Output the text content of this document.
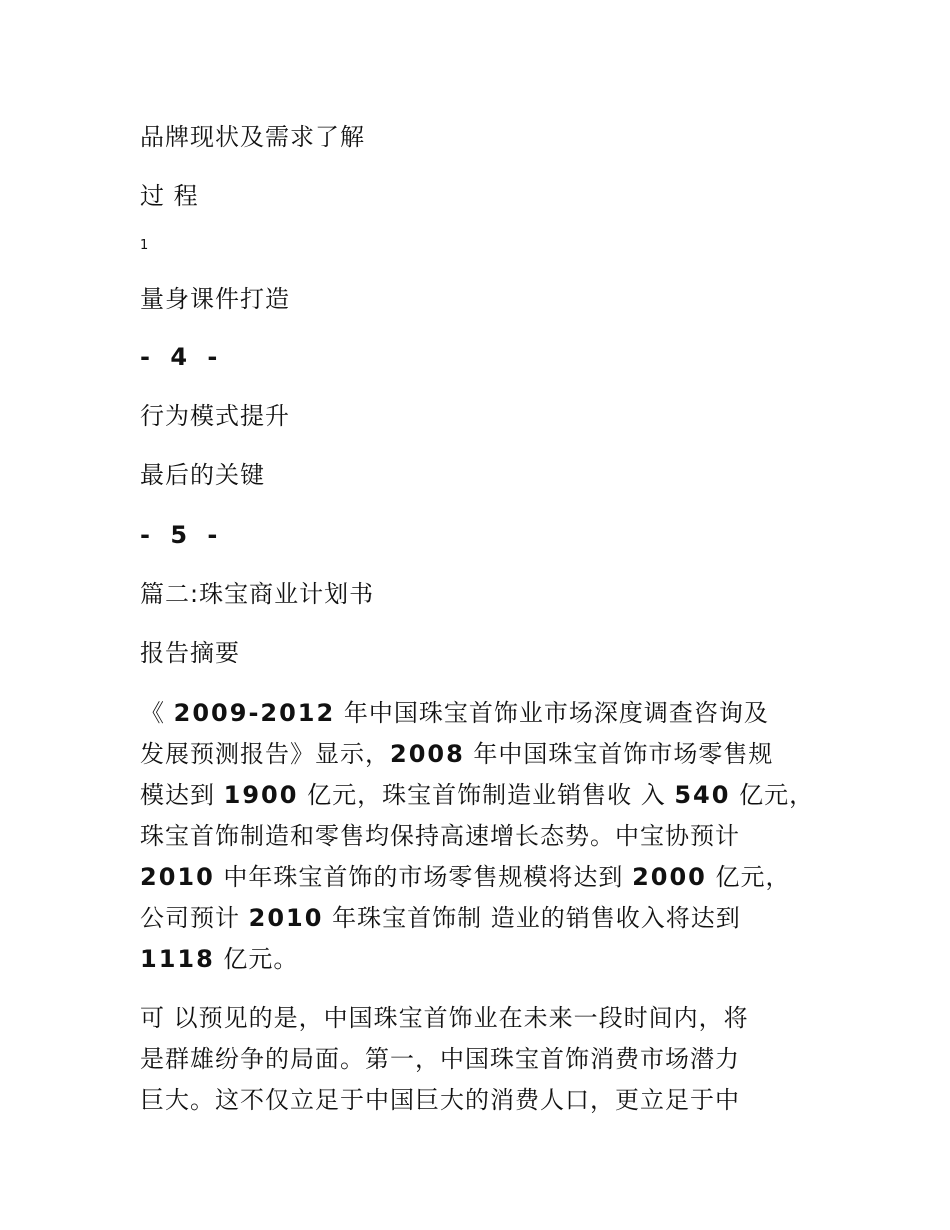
品牌现状及需求了解
过 程
1
量身课件打造
- 4 -
行为模式提升
最后的关键
- 5 -
篇二:珠宝商业计划书
报告摘要
《 2009-2012 年中国珠宝首饰业市场深度调查咨询及
发展预测报告》显示，2008 年中国珠宝首饰市场零售规
模达到 1900 亿元，珠宝首饰制造业销售收 入 540 亿元，
珠宝首饰制造和零售均保持高速增长态势。中宝协预计
2010 中年珠宝首饰的市场零售规模将达到 2000 亿元，
公司预计 2010 年珠宝首饰制 造业的销售收入将达到
1118 亿元。
可 以预见的是，中国珠宝首饰业在未来一段时间内，将
是群雄纷争的局面。第一，中国珠宝首饰消费市场潜力
巨大。这不仅立足于中国巨大的消费人口，更立足于中
